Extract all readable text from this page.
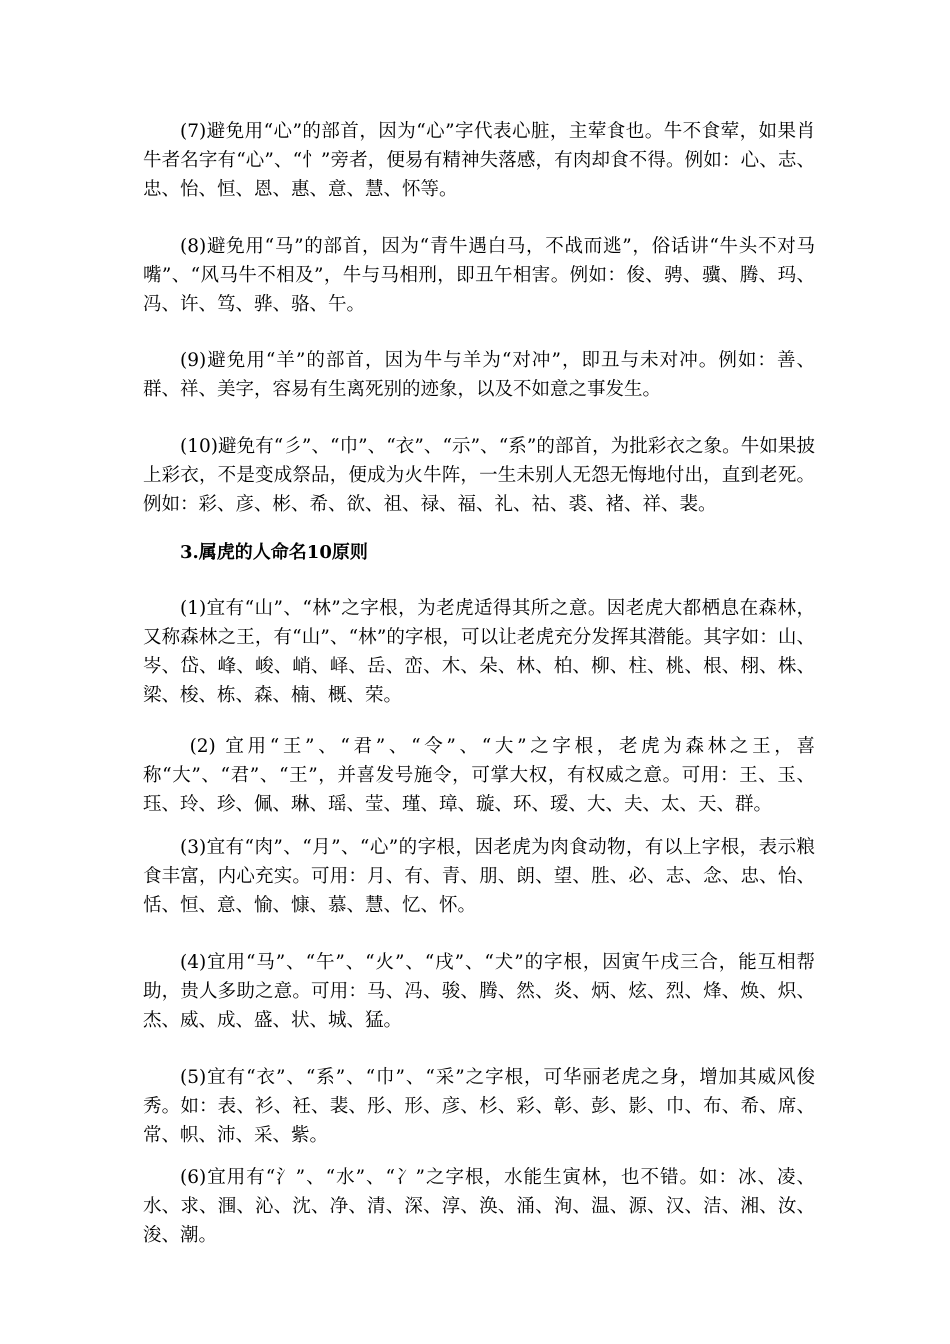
(7)避免用“心”的部首，因为“心”字代表心脏，主荤食也。牛不食荤，如果肖牛者名字有“心”、“忄”旁者，便易有精神失落感，有肉却食不得。例如：心、志、忠、怡、恒、恩、惠、意、慧、怀等。

(8)避免用“马”的部首，因为“青牛遇白马，不战而逃”，俗话讲“牛头不对马嘴”、“风马牛不相及”，牛与马相刑，即丑午相害。例如：俊、骋、骥、腾、玛、冯、许、笃、骅、骆、午。

(9)避免用“羊”的部首，因为牛与羊为“对冲”，即丑与未对冲。例如：善、群、祥、美字，容易有生离死别的迹象，以及不如意之事发生。

(10)避免有“彡”、“巾”、“衣”、“示”、“系”的部首，为批彩衣之象。牛如果披上彩衣，不是变成祭品，便成为火牛阵，一生未别人无怨无悔地付出，直到老死。例如：彩、彦、彬、希、欲、祖、禄、福、礼、祜、裘、褚、祥、裴。

3.属虎的人命名10原则

(1)宜有“山”、“林”之字根，为老虎适得其所之意。因老虎大都栖息在森林，又称森林之王，有“山”、“林”的字根，可以让老虎充分发挥其潜能。其字如：山、岑、岱、峰、峻、峭、峄、岳、峦、木、朵、林、柏、柳、柱、桃、根、栩、株、梁、梭、栋、森、楠、概、荣。

(2) 宜用“王”、“君”、“令”、“大”之字根，老虎为森林之王，喜称“大”、“君”、“王”，并喜发号施令，可掌大权，有权威之意。可用：王、玉、珏、玲、珍、佩、琳、瑶、莹、瑾、璋、璇、环、瑷、大、夫、太、天、群。

(3)宜有“肉”、“月”、“心”的字根，因老虎为肉食动物，有以上字根，表示粮食丰富，内心充实。可用：月、有、青、朋、朗、望、胜、必、志、念、忠、怡、恬、恒、意、愉、慷、慕、慧、忆、怀。

(4)宜用“马”、“午”、“火”、“戌”、“犬”的字根，因寅午戌三合，能互相帮助，贵人多助之意。可用：马、冯、骏、腾、然、炎、炳、炫、烈、烽、焕、炽、杰、威、成、盛、状、城、猛。

(5)宜有“衣”、“系”、“巾”、“采”之字根，可华丽老虎之身，增加其威风俊秀。如：表、衫、衽、裴、彤、形、彦、杉、彩、彰、彭、影、巾、布、希、席、常、帜、沛、采、紫。

(6)宜用有“氵”、“水”、“冫”之字根，水能生寅林，也不错。如：冰、凌、水、求、涠、沁、沈、净、清、深、淳、涣、涌、洵、温、源、汉、洁、湘、汝、浚、潮。
